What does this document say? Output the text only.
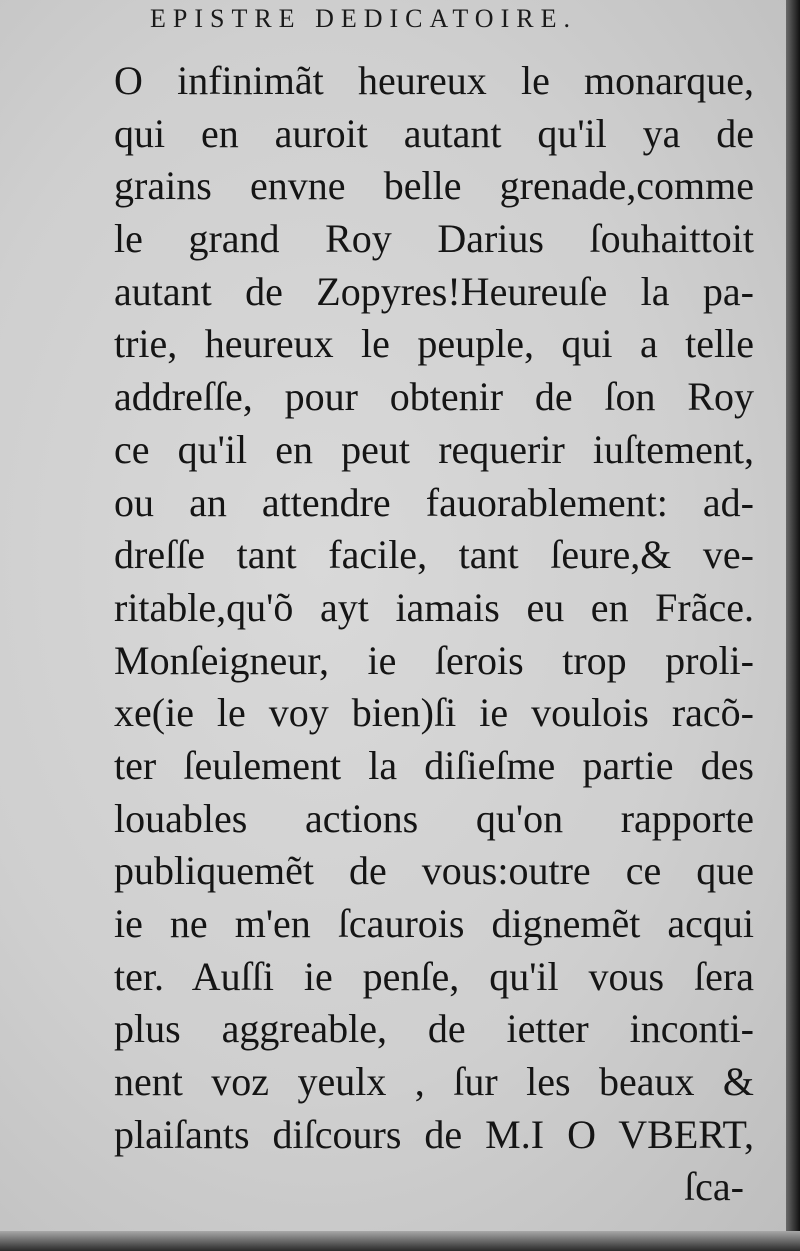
EPISTRE DEDICATOIRE.
O infinimãt heureux le monarque,
qui en auroit autant qu'il ya de
grains envne belle grenade,comme
le grand Roy Darius ſouhaittoit
autant de Zopyres!Heureuſe la pa-
trie, heureux le peuple, qui a telle
addreſſe, pour obtenir de ſon Roy
ce qu'il en peut requerir iuſtement,
ou an attendre fauorablement: ad-
dreſſe tant facile, tant ſeure,& ve-
ritable,qu'õ ayt iamais eu en Frãce.
Monſeigneur, ie ſerois trop proli-
xe(ie le voy bien)ſi ie voulois racõ-
ter ſeulement la diſieſme partie des
louables actions qu'on rapporte
publiquemẽt de vous:outre ce que
ie ne m'en ſcaurois dignemẽt acqui
ter. Auſſi ie penſe, qu'il vous ſera
plus aggreable, de ietter inconti-
nent voz yeulx , ſur les beaux &
plaiſants diſcours de M.I O VBERT,
ſca-
